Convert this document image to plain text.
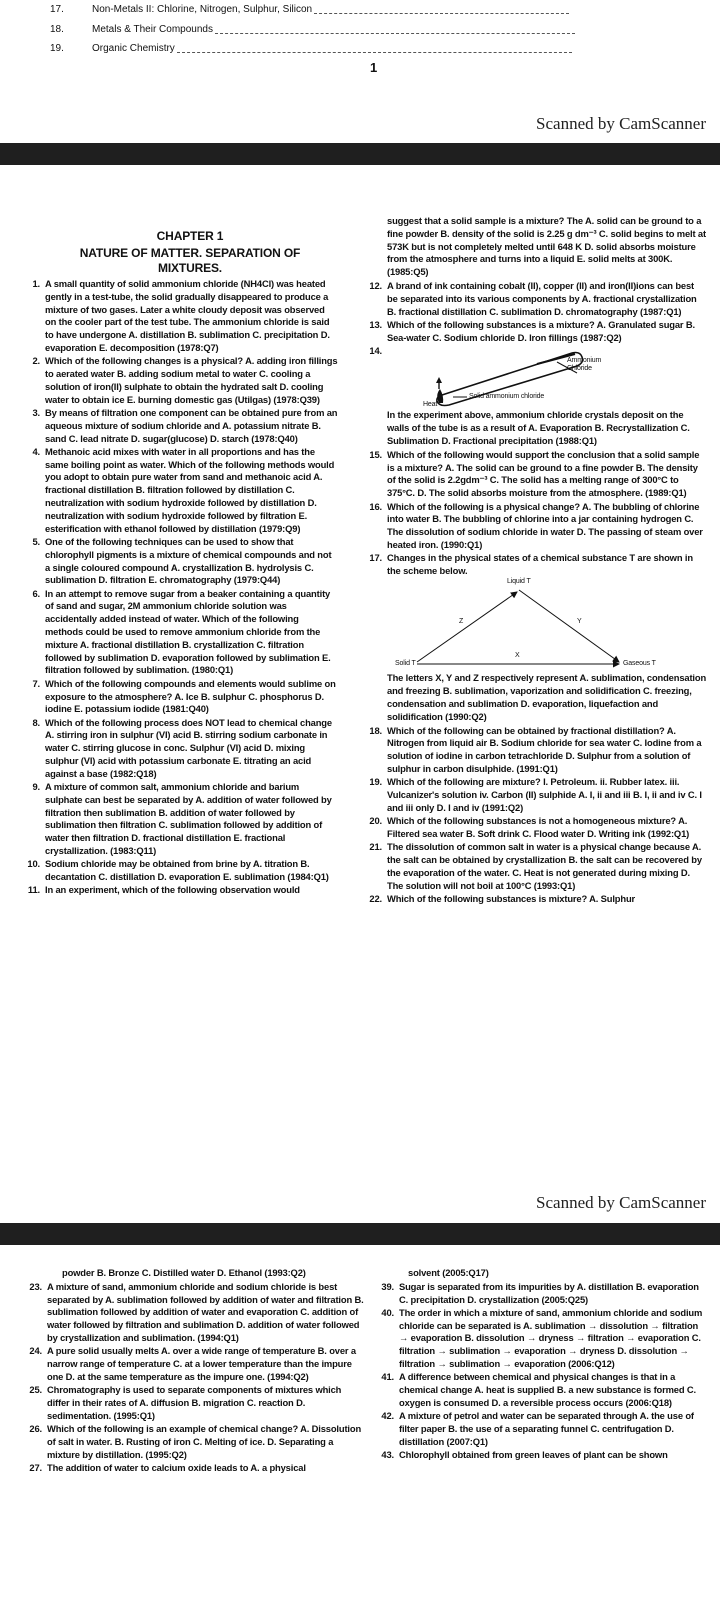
17.	Non-Metals II: Chlorine, Nitrogen, Sulphur, Silicon
18.	Metals & Their Compounds
19.	Organic Chemistry
1
Scanned by CamScanner
CHAPTER 1
NATURE OF MATTER. SEPARATION OF MIXTURES.
1. A small quantity of solid ammonium chloride (NH4Cl) was heated gently in a test-tube, the solid gradually disappeared to produce a mixture of two gases. Later a white cloudy deposit was observed on the cooler part of the test tube. The ammonium chloride is said to have undergone A. distillation B. sublimation C. precipitation D. evaporation E. decomposition (1978:Q7)
2. Which of the following changes is a physical? A. adding iron fillings to aerated water B. adding sodium metal to water C. cooling a solution of iron(II) sulphate to obtain the hydrated salt D. cooling water to obtain ice E. burning domestic gas (Utilgas) (1978:Q39)
3. By means of filtration one component can be obtained pure from an aqueous mixture of sodium chloride and A. potassium nitrate B. sand C. lead nitrate D. sugar(glucose) D. starch (1978:Q40)
4. Methanoic acid mixes with water in all proportions and has the same boiling point as water. Which of the following methods would you adopt to obtain pure water from sand and methanoic acid A. fractional distillation B. filtration followed by distillation C. neutralization with sodium hydroxide followed by distillation D. neutralization with sodium hydroxide followed by filtration E. esterification with ethanol followed by distillation (1979:Q9)
5. One of the following techniques can be used to show that chlorophyll pigments is a mixture of chemical compounds and not a single coloured compound A. crystallization B. hydrolysis C. sublimation D. filtration E. chromatography (1979:Q44)
6. In an attempt to remove sugar from a beaker containing a quantity of sand and sugar, 2M ammonium chloride solution was accidentally added instead of water. Which of the following methods could be used to remove ammonium chloride from the mixture A. fractional distillation B. crystallization C. filtration followed by sublimation D. evaporation followed by sublimation E. filtration followed by sublimation. (1980:Q1)
7. Which of the following compounds and elements would sublime on exposure to the atmosphere? A. Ice B. sulphur C. phosphorus D. iodine E. potassium iodide (1981:Q40)
8. Which of the following process does NOT lead to chemical change A. stirring iron in sulphur (VI) acid B. stirring sodium carbonate in water C. stirring glucose in conc. Sulphur (VI) acid D. mixing sulphur (VI) acid with potassium carbonate E. titrating an acid against a base (1982:Q18)
9. A mixture of common salt, ammonium chloride and barium sulphate can best be separated by A. addition of water followed by filtration then sublimation B. addition of water followed by sublimation then filtration C. sublimation followed by addition of water then filtration D. fractional distillation E. fractional crystallization. (1983:Q11)
10. Sodium chloride may be obtained from brine by A. titration B. decantation C. distillation D. evaporation E. sublimation (1984:Q1)
11. In an experiment, which of the following observation would
suggest that a solid sample is a mixture? The A. solid can be ground to a fine powder B. density of the solid is 2.25 g dm⁻³ C. solid begins to melt at 573K but is not completely melted until 648 K D. solid absorbs moisture from the atmosphere and turns into a liquid E. solid melts at 300K. (1985:Q5)
12. A brand of ink containing cobalt (II), copper (II) and iron(II)ions can best be separated into its various components by A. fractional crystallization B. fractional distillation C. sublimation D. chromatography (1987:Q1)
13. Which of the following substances is a mixture? A. Granulated sugar B. Sea-water C. Sodium chloride D. Iron fillings (1987:Q2)
14.
Ammonium Chloride
Solid ammonium chloride
Heat
In the experiment above, ammonium chloride crystals deposit on the walls of the tube is as a result of A. Evaporation B. Recrystallization C. Sublimation D. Fractional precipitation (1988:Q1)
15. Which of the following would support the conclusion that a solid sample is a mixture? A. The solid can be ground to a fine powder B. The density of the solid is 2.2gdm⁻³ C. The solid has a melting range of 300°C to 375°C. D. The solid absorbs moisture from the atmosphere. (1989:Q1)
16. Which of the following is a physical change? A. The bubbling of chlorine into water B. The bubbling of chlorine into a jar containing hydrogen C. The dissolution of sodium chloride in water D. The passing of steam over heated iron. (1990:Q1)
17. Changes in the physical states of a chemical substance T are shown in the scheme below.
Liquid T
Solid T	Gaseous T
X
Y
Z
The letters X, Y and Z respectively represent A. sublimation, condensation and freezing B. sublimation, vaporization and solidification C. freezing, condensation and sublimation D. evaporation, liquefaction and solidification (1990:Q2)
18. Which of the following can be obtained by fractional distillation? A. Nitrogen from liquid air B. Sodium chloride for sea water C. Iodine from a solution of iodine in carbon tetrachloride D. Sulphur from a solution of sulphur in carbon disulphide. (1991:Q1)
19. Which of the following are mixture? I. Petroleum. ii. Rubber latex. iii. Vulcanizer's solution iv. Carbon (II) sulphide A. I, ii and iii B. I, ii and iv C. I and iii only D. I and iv (1991:Q2)
20. Which of the following substances is not a homogeneous mixture? A. Filtered sea water B. Soft drink C. Flood water D. Writing ink (1992:Q1)
21. The dissolution of common salt in water is a physical change because A. the salt can be obtained by crystallization B. the salt can be recovered by the evaporation of the water. C. Heat is not generated during mixing D. The solution will not boil at 100°C (1993:Q1)
22. Which of the following substances is mixture? A. Sulphur
Scanned by CamScanner
powder B. Bronze C. Distilled water D. Ethanol (1993:Q2)
23. A mixture of sand, ammonium chloride and sodium chloride is best separated by A. sublimation followed by addition of water and filtration B. sublimation followed by addition of water and evaporation C. addition of water followed by filtration and sublimation D. addition of water followed by crystallization and sublimation. (1994:Q1)
24. A pure solid usually melts A. over a wide range of temperature B. over a narrow range of temperature C. at a lower temperature than the impure one D. at the same temperature as the impure one. (1994:Q2)
25. Chromatography is used to separate components of mixtures which differ in their rates of A. diffusion B. migration C. reaction D. sedimentation. (1995:Q1)
26. Which of the following is an example of chemical change? A. Dissolution of salt in water. B. Rusting of iron C. Melting of ice. D. Separating a mixture by distillation. (1995:Q2)
27. The addition of water to calcium oxide leads to A. a physical
solvent (2005:Q17)
39. Sugar is separated from its impurities by A. distillation B. evaporation C. precipitation D. crystallization (2005:Q25)
40. The order in which a mixture of sand, ammonium chloride and sodium chloride can be separated is A. sublimation → dissolution → filtration → evaporation B. dissolution → dryness → filtration → evaporation C. filtration → sublimation → evaporation → dryness D. dissolution → filtration → sublimation → evaporation (2006:Q12)
41. A difference between chemical and physical changes is that in a chemical change A. heat is supplied B. a new substance is formed C. oxygen is consumed D. a reversible process occurs (2006:Q18)
42. A mixture of petrol and water can be separated through A. the use of filter paper B. the use of a separating funnel C. centrifugation D. distillation (2007:Q1)
43. Chlorophyll obtained from green leaves of plant can be shown
